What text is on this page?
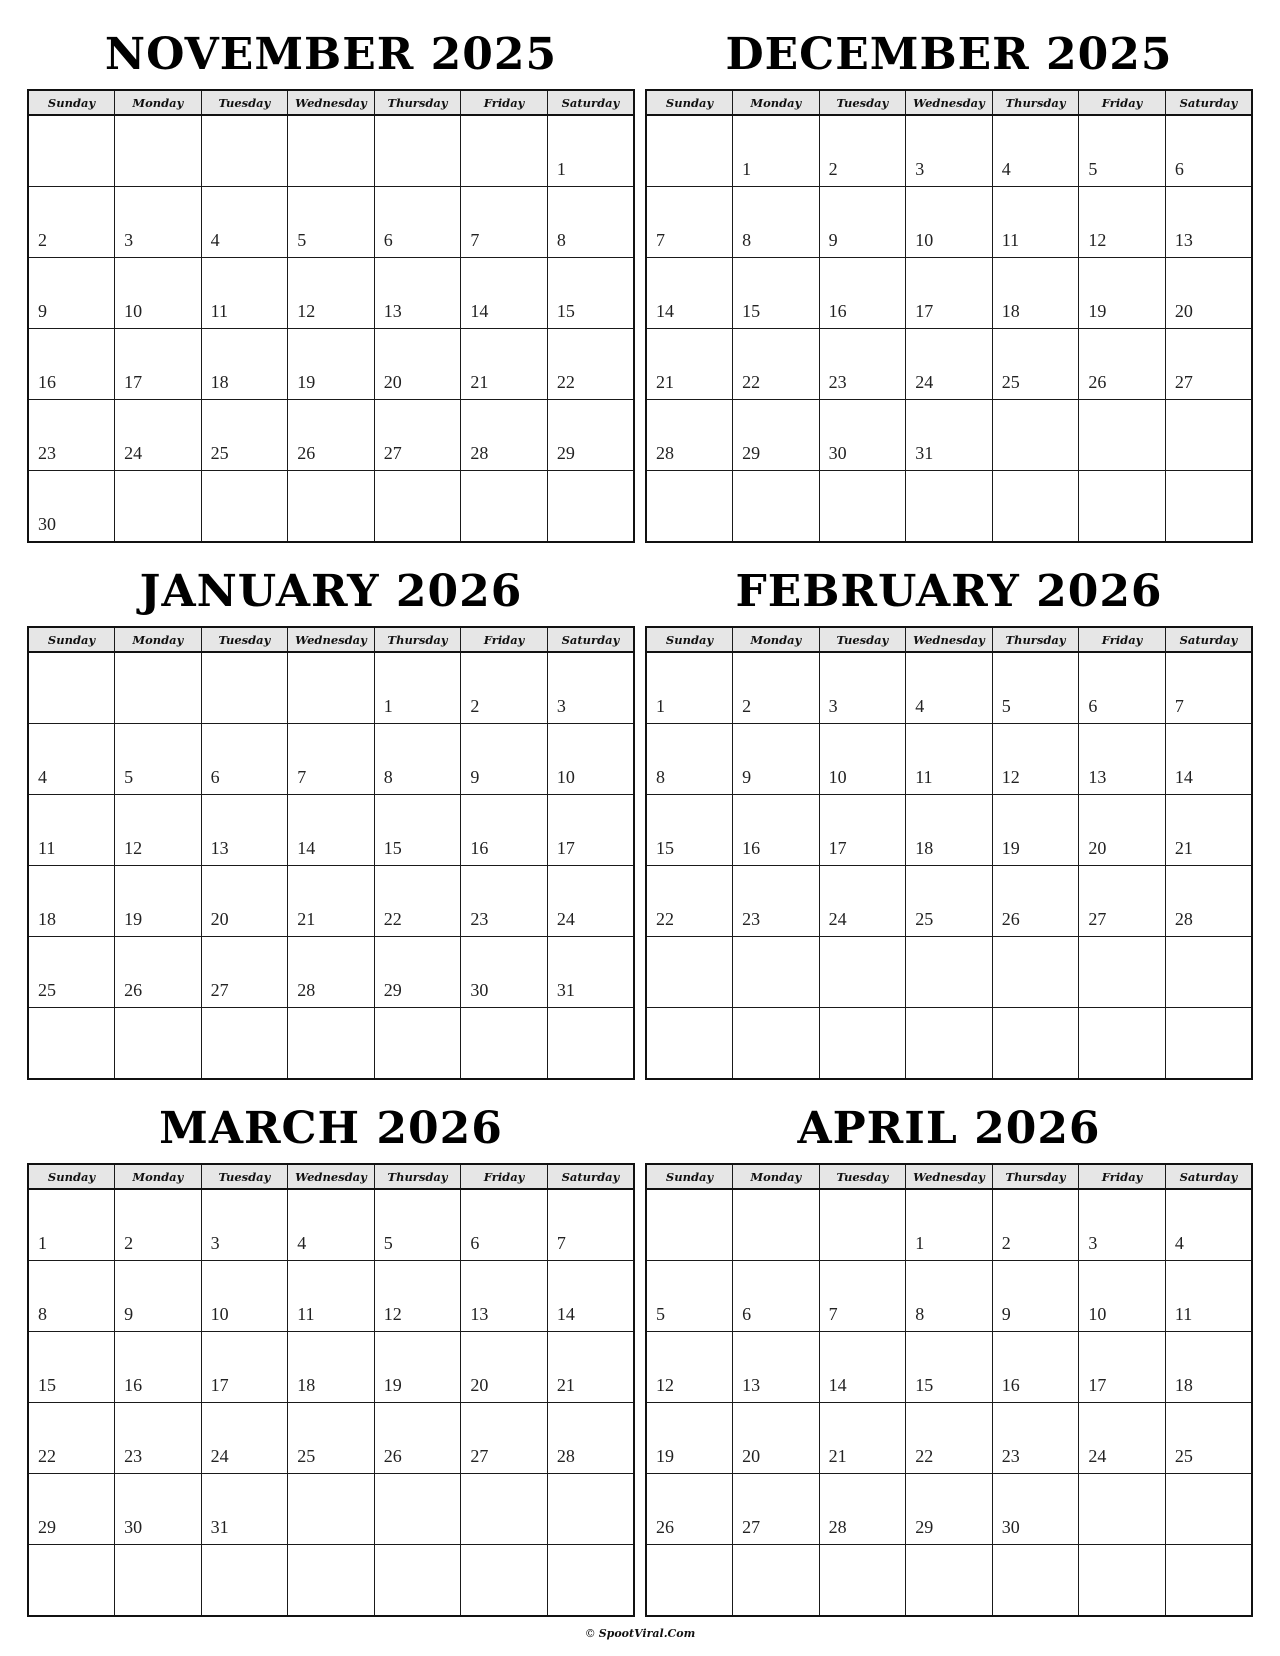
NOVEMBER 2025
Sunday	Monday	Tuesday	Wednesday	Thursday	Friday	Saturday

						1

2	3	4	5	6	7	8

9	10	11	12	13	14	15

16	17	18	19	20	21	22

23	24	25	26	27	28	29

30						

DECEMBER 2025
Sunday	Monday	Tuesday	Wednesday	Thursday	Friday	Saturday

	1	2	3	4	5	6

7	8	9	10	11	12	13

14	15	16	17	18	19	20

21	22	23	24	25	26	27

28	29	30	31			

JANUARY 2026
Sunday	Monday	Tuesday	Wednesday	Thursday	Friday	Saturday

				1	2	3

4	5	6	7	8	9	10

11	12	13	14	15	16	17

18	19	20	21	22	23	24

25	26	27	28	29	30	31

FEBRUARY 2026
Sunday	Monday	Tuesday	Wednesday	Thursday	Friday	Saturday

1	2	3	4	5	6	7

8	9	10	11	12	13	14

15	16	17	18	19	20	21

22	23	24	25	26	27	28

MARCH 2026
Sunday	Monday	Tuesday	Wednesday	Thursday	Friday	Saturday

1	2	3	4	5	6	7

8	9	10	11	12	13	14

15	16	17	18	19	20	21

22	23	24	25	26	27	28

29	30	31				

APRIL 2026
Sunday	Monday	Tuesday	Wednesday	Thursday	Friday	Saturday

			1	2	3	4

5	6	7	8	9	10	11

12	13	14	15	16	17	18

19	20	21	22	23	24	25

26	27	28	29	30		

© SpootViral.Com
